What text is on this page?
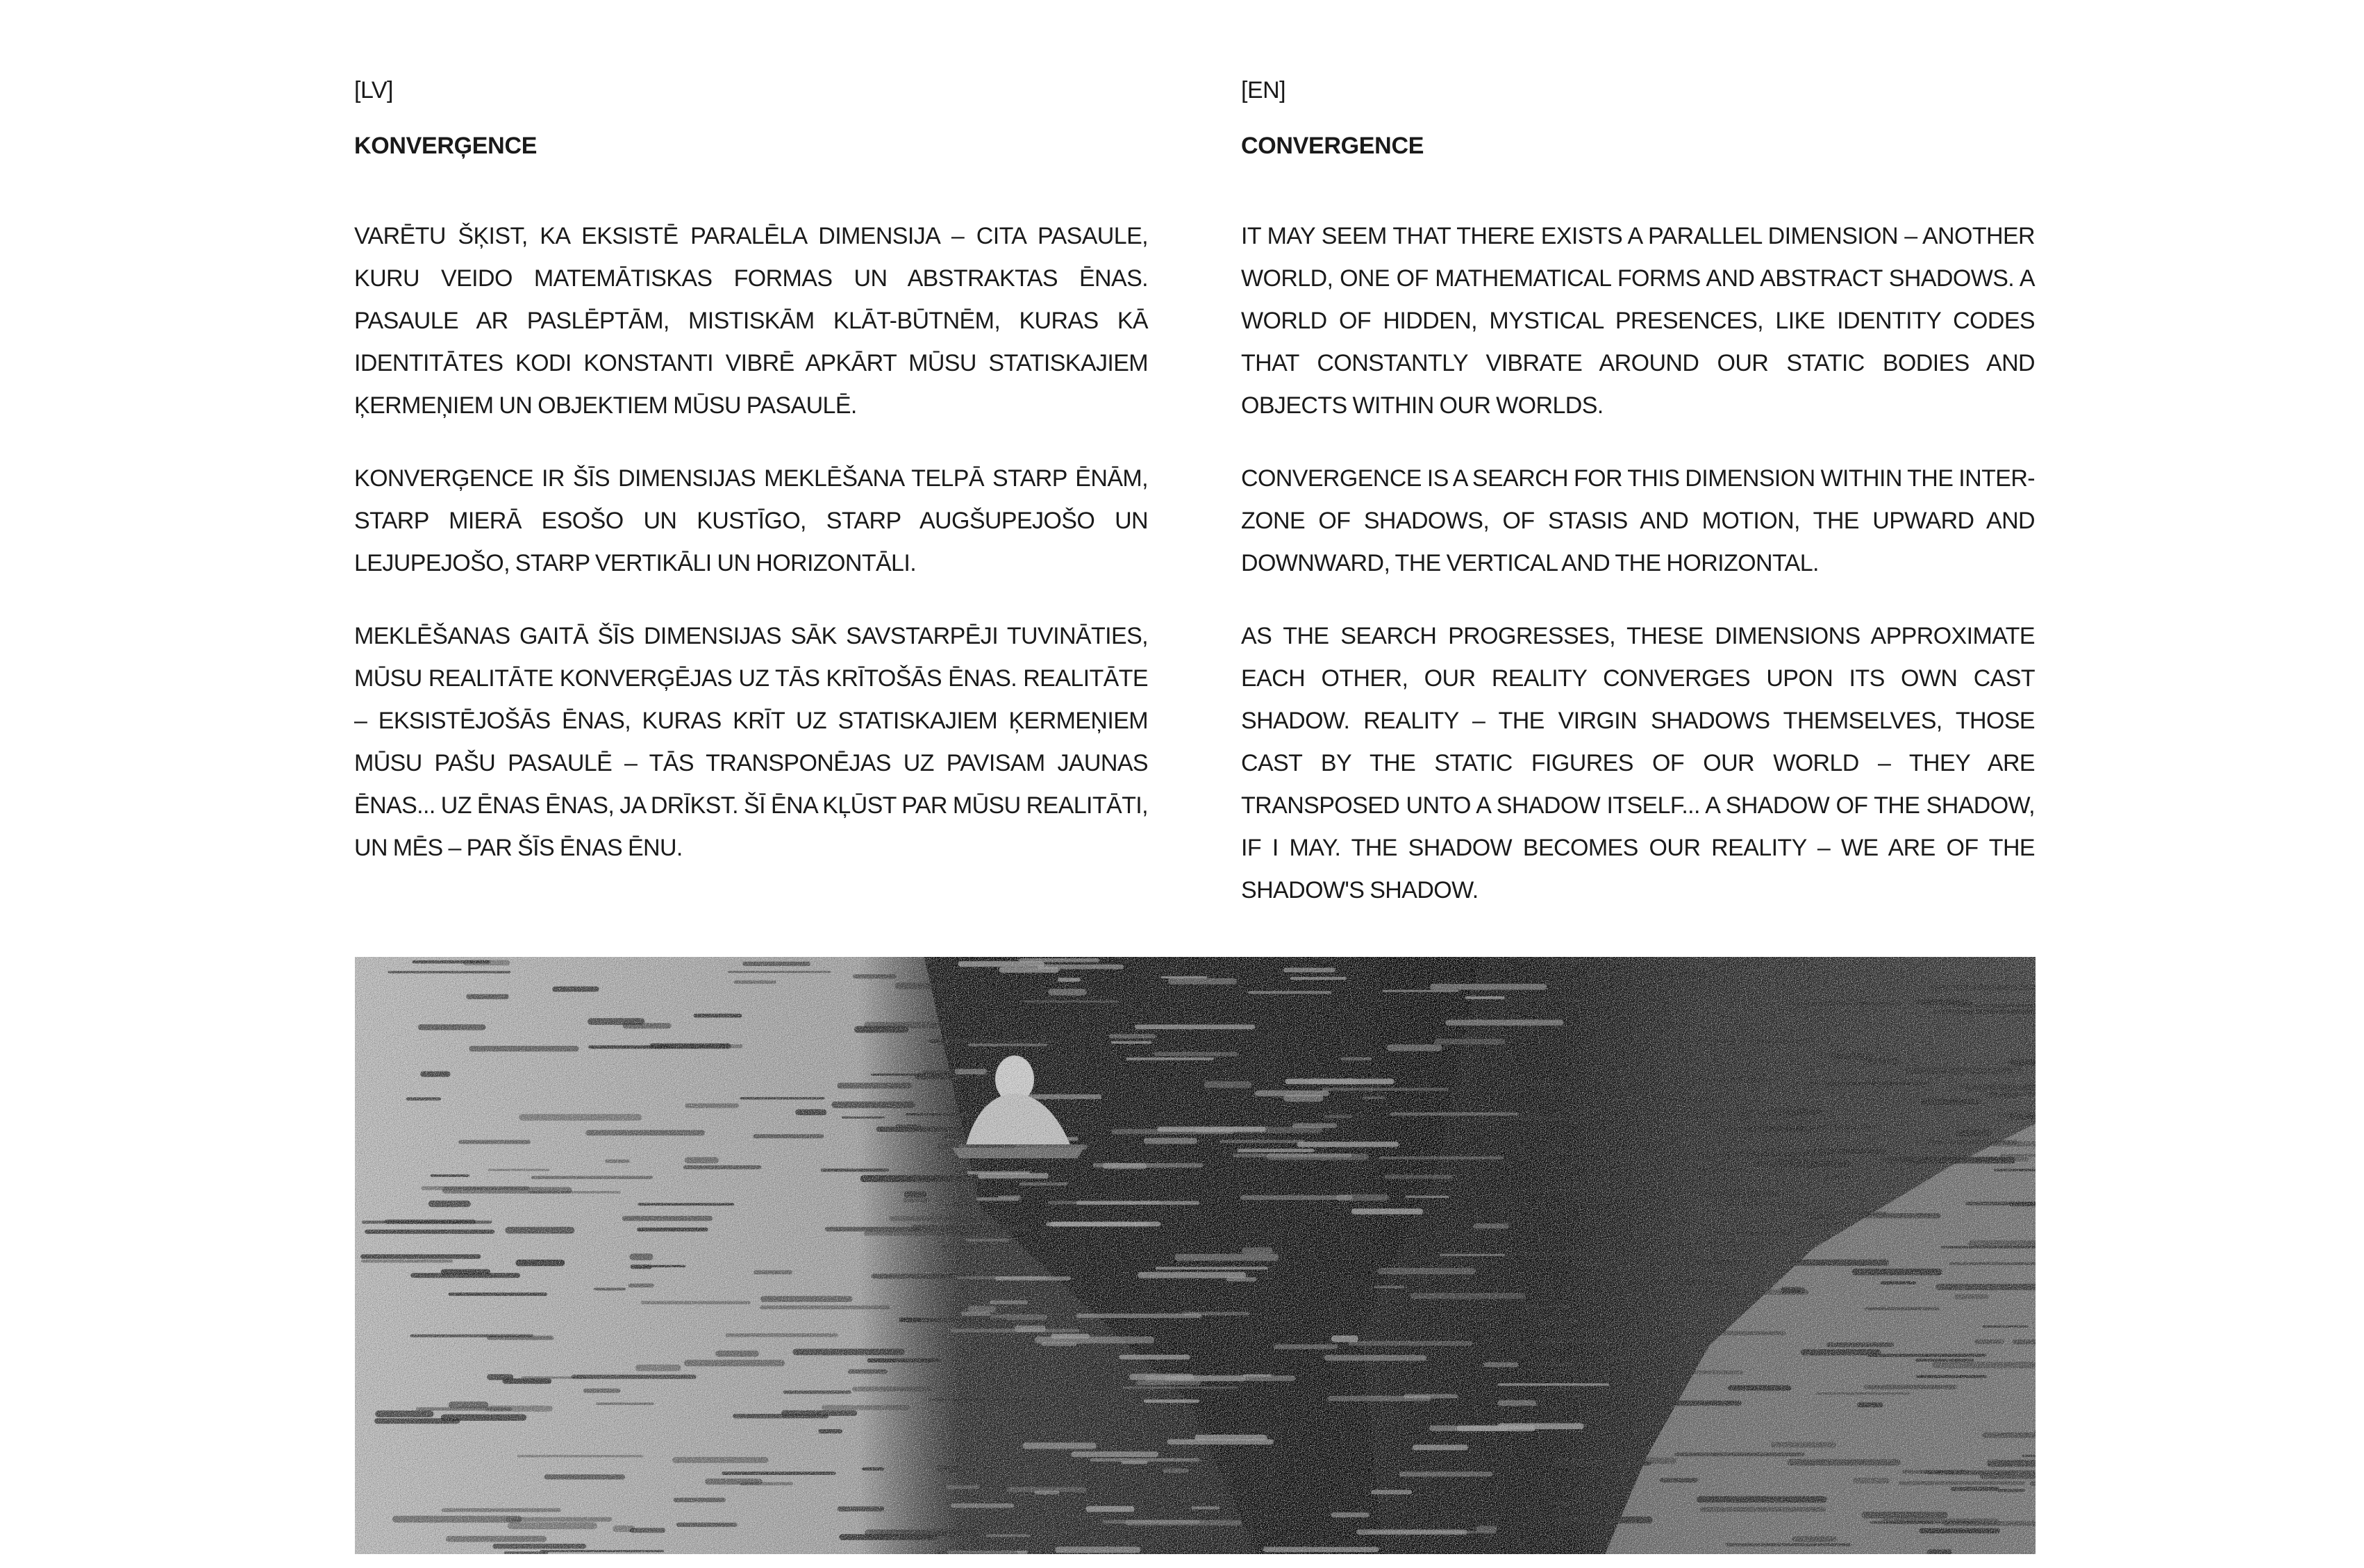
[LV]

KONVERĢENCE

VARĒTU ŠĶIST, KA EKSISTĒ PARALĒLA DIMENSIJA – CITA PASAULE, KURU VEIDO MATEMĀTISKAS FORMAS UN ABSTRAKTAS ĒNAS. PASAULE AR PASLĒPTĀM, MISTISKĀM KLĀT-BŪTNĒM, KURAS KĀ IDENTITĀTES KODI KONSTANTI VIBRĒ APKĀRT MŪSU STATISKAJIEM ĶERMEŅIEM UN OBJEKTIEM MŪSU PASAULĒ.

KONVERĢENCE IR ŠĪS DIMENSIJAS MEKLĒŠANA TELPĀ STARP ĒNĀM, STARP MIERĀ ESOŠO UN KUSTĪGO, STARP AUGŠUPEJOŠO UN LEJUPEJOŠO, STARP VERTIKĀLI UN HORIZONTĀLI.

MEKLĒŠANAS GAITĀ ŠĪS DIMENSIJAS SĀK SAVSTARPĒJI TUVINĀTIES, MŪSU REALITĀTE KONVERĢĒJAS UZ TĀS KRĪTOŠĀS ĒNAS. REALITĀTE – EKSISTĒJOŠĀS ĒNAS, KURAS KRĪT UZ STATISKAJIEM ĶERMEŅIEM MŪSU PAŠU PASAULĒ – TĀS TRANSPONĒJAS UZ PAVISAM JAUNAS ĒNAS... UZ ĒNAS ĒNAS, JA DRĪKST. ŠĪ ĒNA KĻŪST PAR MŪSU REALITĀTI, UN MĒS – PAR ŠĪS ĒNAS ĒNU.

[EN]

CONVERGENCE

IT MAY SEEM THAT THERE EXISTS A PARALLEL DIMENSION – ANOTHER WORLD, ONE OF MATHEMATICAL FORMS AND ABSTRACT SHADOWS. A WORLD OF HIDDEN, MYSTICAL PRESENCES, LIKE IDENTITY CODES THAT CONSTANTLY VIBRATE AROUND OUR STATIC BODIES AND OBJECTS WITHIN OUR WORLDS.

CONVERGENCE IS A SEARCH FOR THIS DIMENSION WITHIN THE INTER-ZONE OF SHADOWS, OF STASIS AND MOTION, THE UPWARD AND DOWNWARD, THE VERTICAL AND THE HORIZONTAL.

AS THE SEARCH PROGRESSES, THESE DIMENSIONS APPROXIMATE EACH OTHER, OUR REALITY CONVERGES UPON ITS OWN CAST SHADOW. REALITY – THE VIRGIN SHADOWS THEMSELVES, THOSE CAST BY THE STATIC FIGURES OF OUR WORLD – THEY ARE TRANSPOSED UNTO A SHADOW ITSELF... A SHADOW OF THE SHADOW, IF I MAY. THE SHADOW BECOMES OUR REALITY – WE ARE OF THE SHADOW'S SHADOW.
